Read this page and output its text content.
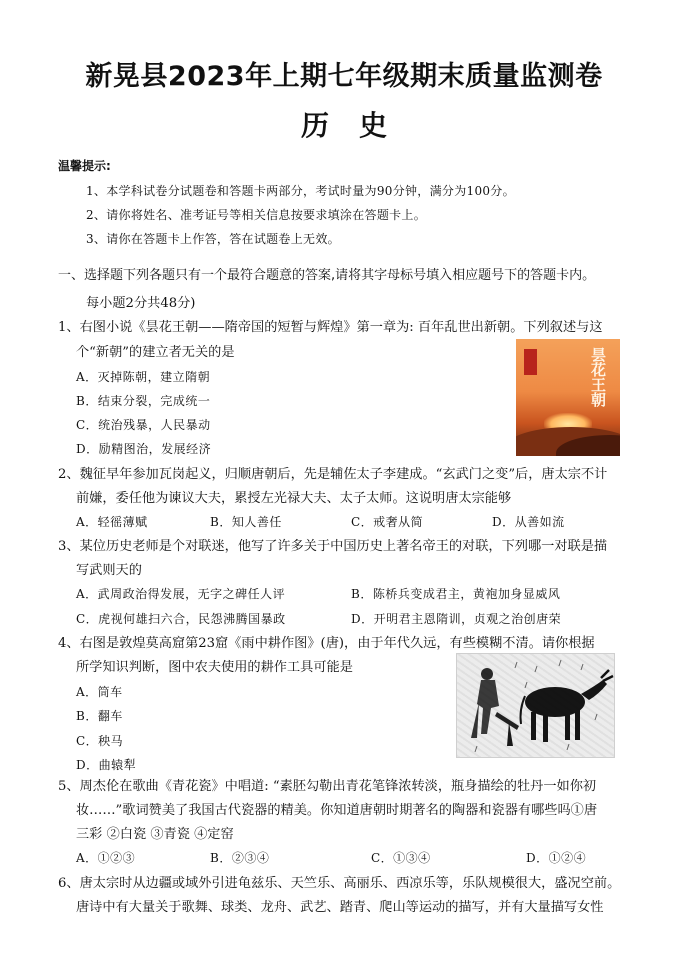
新晃县2023年上期七年级期末质量监测卷
历史
温馨提示:
1、本学科试卷分试题卷和答题卡两部分，考试时量为90分钟，满分为100分。
2、请你将姓名、准考证号等相关信息按要求填涂在答题卡上。
3、请你在答题卡上作答，答在试题卷上无效。
一、选择题下列各题只有一个最符合题意的答案,请将其字母标号填入相应题号下的答题卡内。
每小题2分共48分)
1、右图小说《昙花王朝——隋帝国的短暂与辉煌》第一章为: 百年乱世出新朝。下列叙述与这
个“新朝”的建立者无关的是
A．灭掉陈朝，建立隋朝
B．结束分裂，完成统一
C．统治残暴，人民暴动
D．励精图治，发展经济
昙花王朝
2、魏征早年参加瓦岗起义，归顺唐朝后，先是辅佐太子李建成。“玄武门之变”后，唐太宗不计
前嫌，委任他为谏议大夫，累授左光禄大夫、太子太师。这说明唐太宗能够
A．轻徭薄赋	B．知人善任	C．戒奢从简	D．从善如流
3、某位历史老师是个对联迷，他写了许多关于中国历史上著名帝王的对联，下列哪一对联是描
写武则天的
A．武周政治得发展，无字之碑任人评	B．陈桥兵变成君主，黄袍加身显威风
C．虎视何雄扫六合，民怨沸腾国暴政	D．开明君主恩隋训，贞观之治创唐荣
4、右图是敦煌莫高窟第23窟《雨中耕作图》(唐)，由于年代久远，有些模糊不清。请你根据
所学知识判断，图中农夫使用的耕作工具可能是
A．筒车
B．翻车
C．秧马
D．曲辕犁
5、周杰伦在歌曲《青花瓷》中唱道: “素胚勾勒出青花笔锋浓转淡，瓶身描绘的牡丹一如你初
妆……”歌词赞美了我国古代瓷器的精美。你知道唐朝时期著名的陶器和瓷器有哪些吗①唐
三彩 ②白瓷 ③青瓷 ④定窑
A．①②③	B．②③④	C．①③④	D．①②④
6、唐太宗时从边疆或域外引进龟兹乐、天竺乐、高丽乐、西凉乐等，乐队规模很大，盛况空前。
唐诗中有大量关于歌舞、球类、龙舟、武艺、踏青、爬山等运动的描写，并有大量描写女性
